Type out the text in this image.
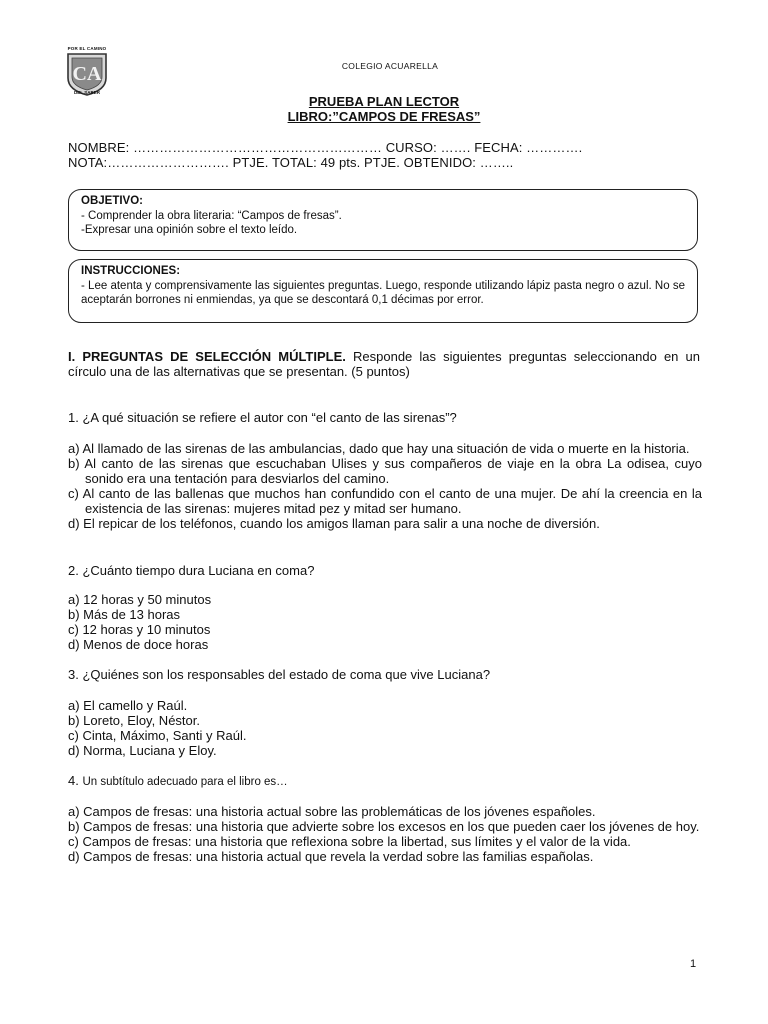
POR EL CAMINO
CA
DEL SABER
COLEGIO ACUARELLA
PRUEBA PLAN LECTOR
LIBRO:”CAMPOS DE FRESAS”
NOMBRE: ………………………………………………… CURSO: ……. FECHA: ………….
NOTA:………………………. PTJE. TOTAL: 49 pts. PTJE. OBTENIDO: ……..
OBJETIVO:
- Comprender la obra literaria: “Campos de fresas”.
-Expresar una opinión sobre el texto leído.
INSTRUCCIONES:
- Lee atenta y comprensivamente las siguientes preguntas. Luego, responde utilizando lápiz pasta negro o azul. No se aceptarán borrones ni enmiendas, ya que se descontará 0,1 décimas por error.
I. PREGUNTAS DE SELECCIÓN MÚLTIPLE. Responde las siguientes preguntas seleccionando en un círculo una de las alternativas que se presentan. (5 puntos)
1. ¿A qué situación se refiere el autor con “el canto de las sirenas”?
a) Al llamado de las sirenas de las ambulancias, dado que hay una situación de vida o muerte en la historia.
b) Al canto de las sirenas que escuchaban Ulises y sus compañeros de viaje en la obra La odisea, cuyo sonido era una tentación para desviarlos del camino.
c) Al canto de las ballenas que muchos han confundido con el canto de una mujer. De ahí la creencia en la existencia de las sirenas: mujeres mitad pez y mitad ser humano.
d) El repicar de los teléfonos, cuando los amigos llaman para salir a una noche de diversión.
2. ¿Cuánto tiempo dura Luciana en coma?
a) 12 horas y 50 minutos
b) Más de 13 horas
c) 12 horas y 10 minutos
d) Menos de doce horas
3. ¿Quiénes son los responsables del estado de coma que vive Luciana?
a) El camello y Raúl.
b) Loreto, Eloy, Néstor.
c) Cinta, Máximo, Santi y Raúl.
d) Norma, Luciana y Eloy.
4. Un subtítulo adecuado para el libro es…
a) Campos de fresas: una historia actual sobre las problemáticas de los jóvenes españoles.
b) Campos de fresas: una historia que advierte sobre los excesos en los que pueden caer los jóvenes de hoy.
c) Campos de fresas: una historia que reflexiona sobre la libertad, sus límites y el valor de la vida.
d) Campos de fresas: una historia actual que revela la verdad sobre las familias españolas.
1
